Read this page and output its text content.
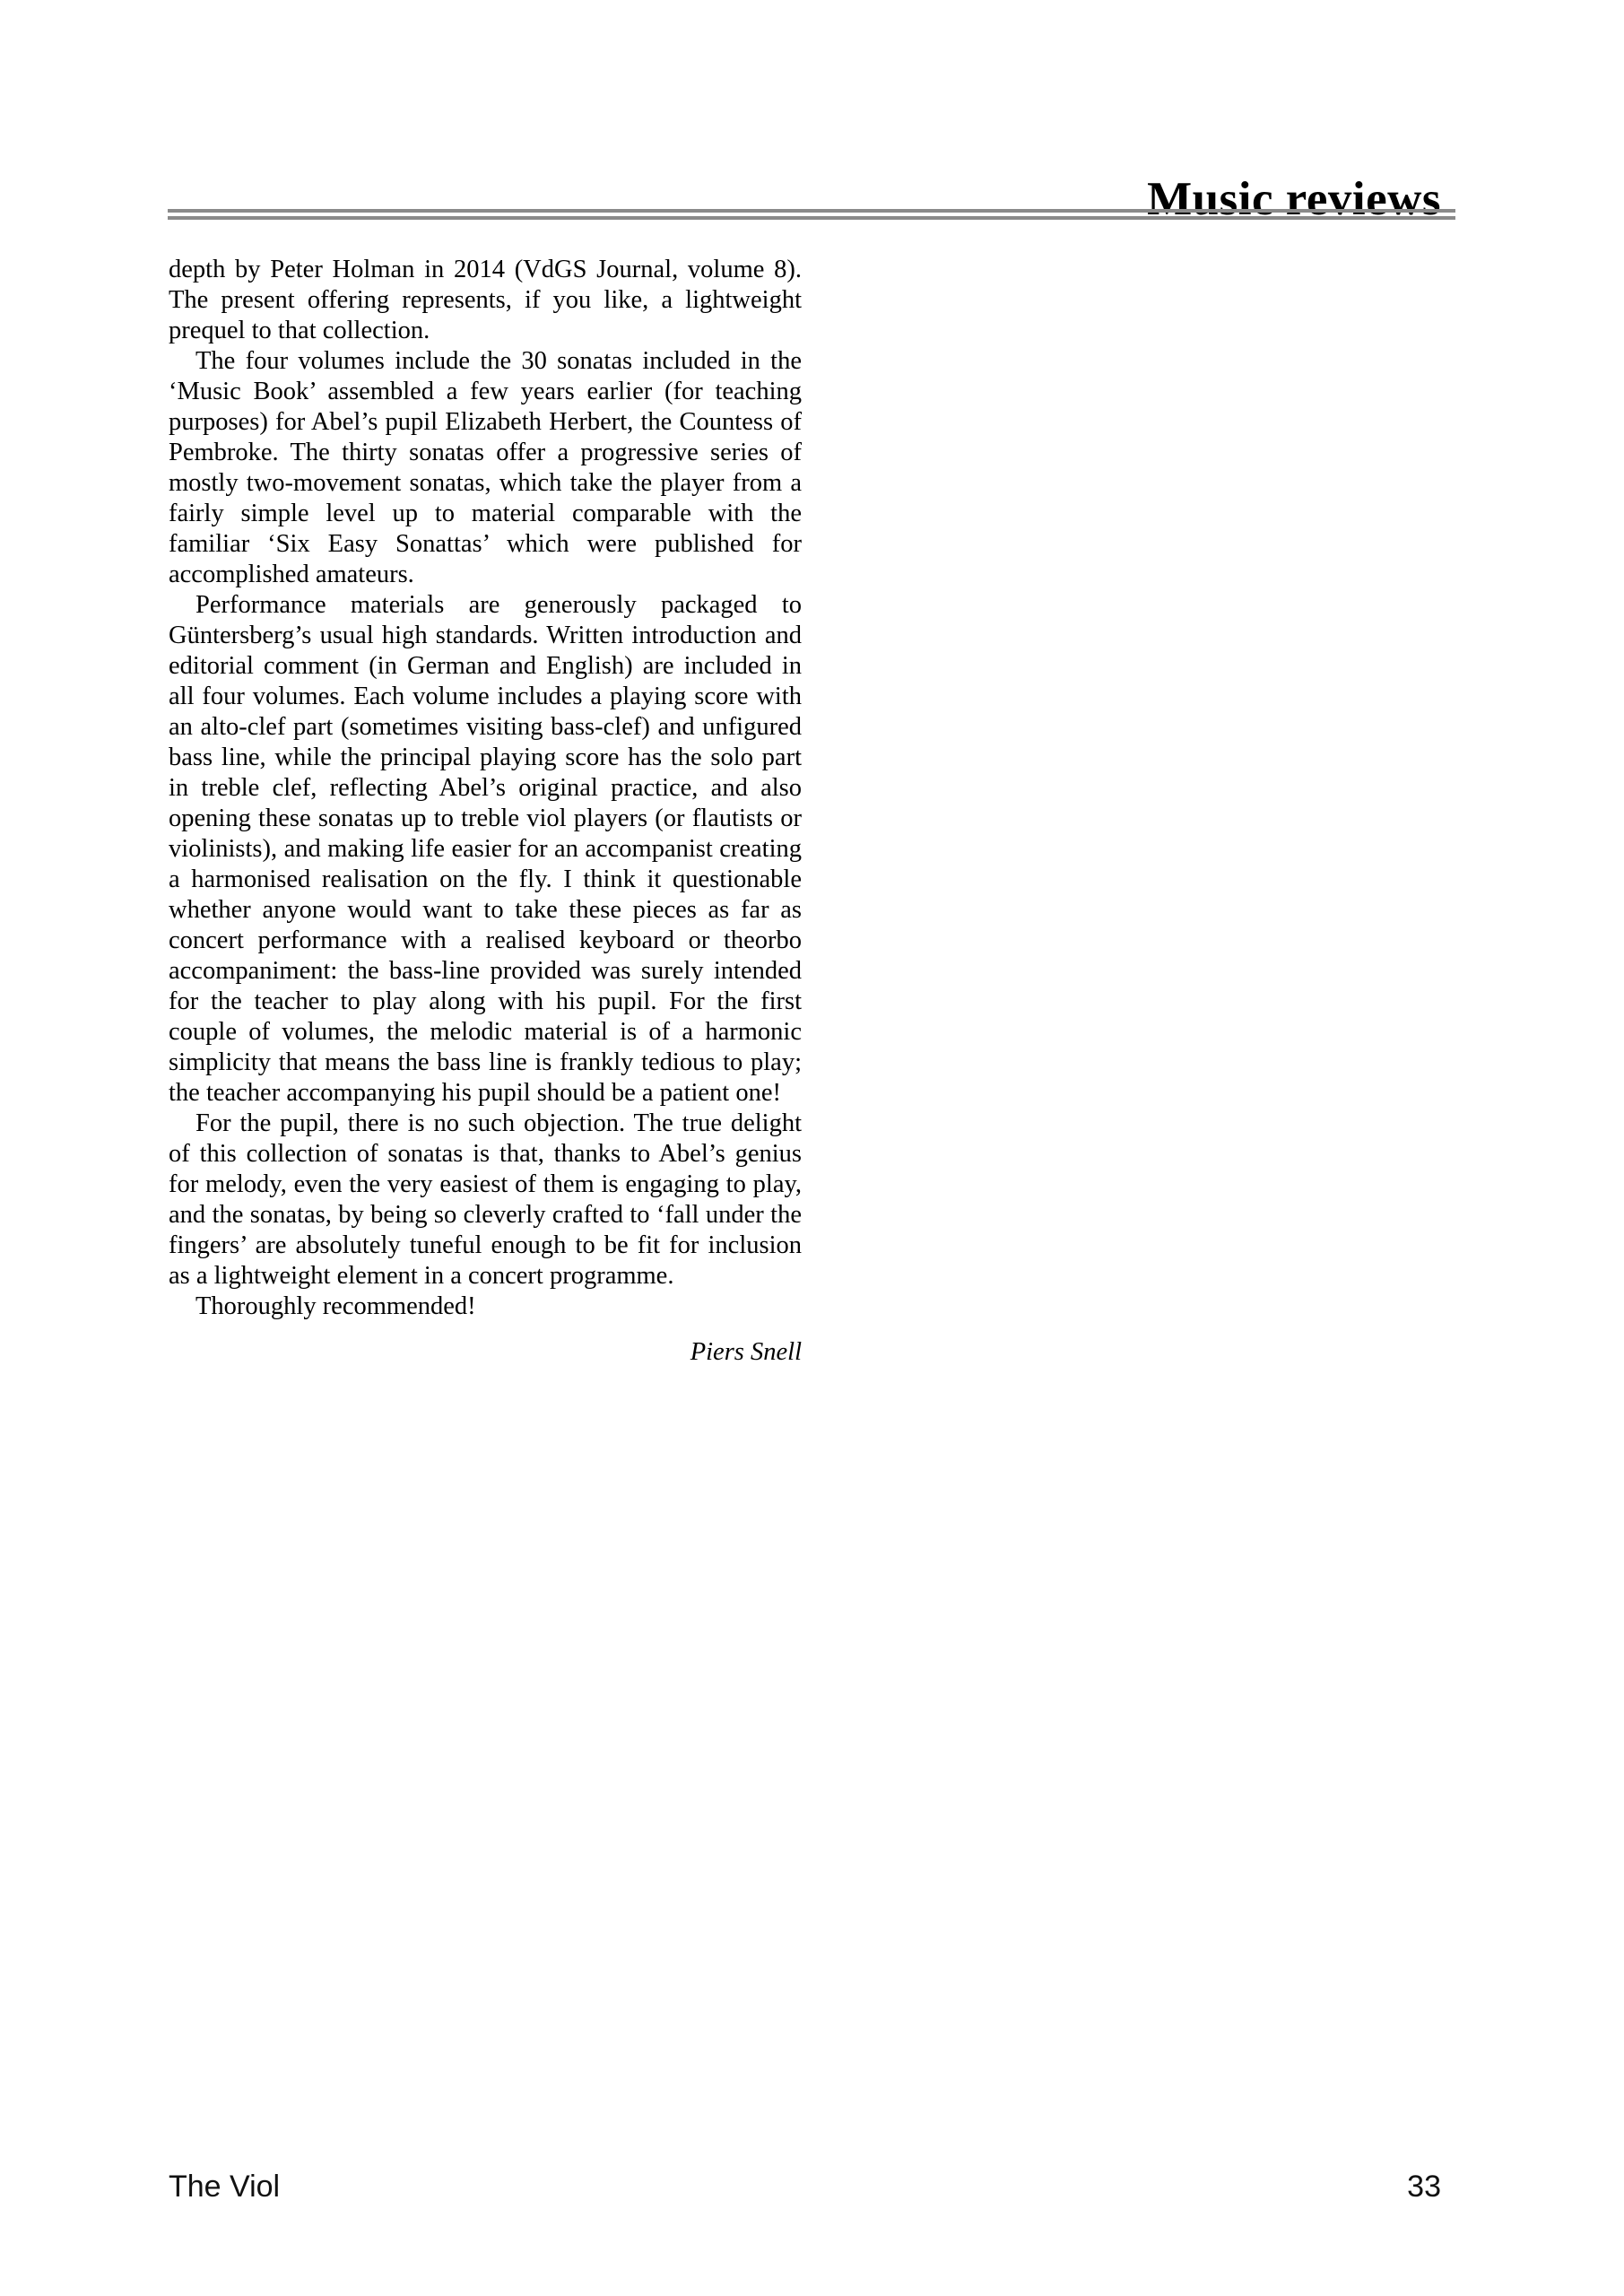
Music reviews

depth by Peter Holman in 2014 (VdGS Journal, volume 8). The present offering represents, if you like, a lightweight prequel to that collection.

The four volumes include the 30 sonatas included in the ‘Music Book’ assembled a few years earlier (for teaching purposes) for Abel’s pupil Elizabeth Herbert, the Countess of Pembroke. The thirty sonatas offer a progressive series of mostly two-movement sonatas, which take the player from a fairly simple level up to material comparable with the familiar ‘Six Easy Sonattas’ which were published for accomplished amateurs.

Performance materials are generously packaged to Güntersberg’s usual high standards. Written introduction and editorial comment (in German and English) are included in all four volumes. Each volume includes a playing score with an alto-clef part (sometimes visiting bass-clef) and unfigured bass line, while the principal playing score has the solo part in treble clef, reflecting Abel’s original practice, and also opening these sonatas up to treble viol players (or flautists or violinists), and making life easier for an accompanist creating a harmonised realisation on the fly. I think it questionable whether anyone would want to take these pieces as far as concert performance with a realised keyboard or theorbo accompaniment: the bass-line provided was surely intended for the teacher to play along with his pupil. For the first couple of volumes, the melodic material is of a harmonic simplicity that means the bass line is frankly tedious to play; the teacher accompanying his pupil should be a patient one!

For the pupil, there is no such objection. The true delight of this collection of sonatas is that, thanks to Abel’s genius for melody, even the very easiest of them is engaging to play, and the sonatas, by being so cleverly crafted to ‘fall under the fingers’ are absolutely tuneful enough to be fit for inclusion as a lightweight element in a concert programme.

Thoroughly recommended!

Piers Snell
The Viol	33
